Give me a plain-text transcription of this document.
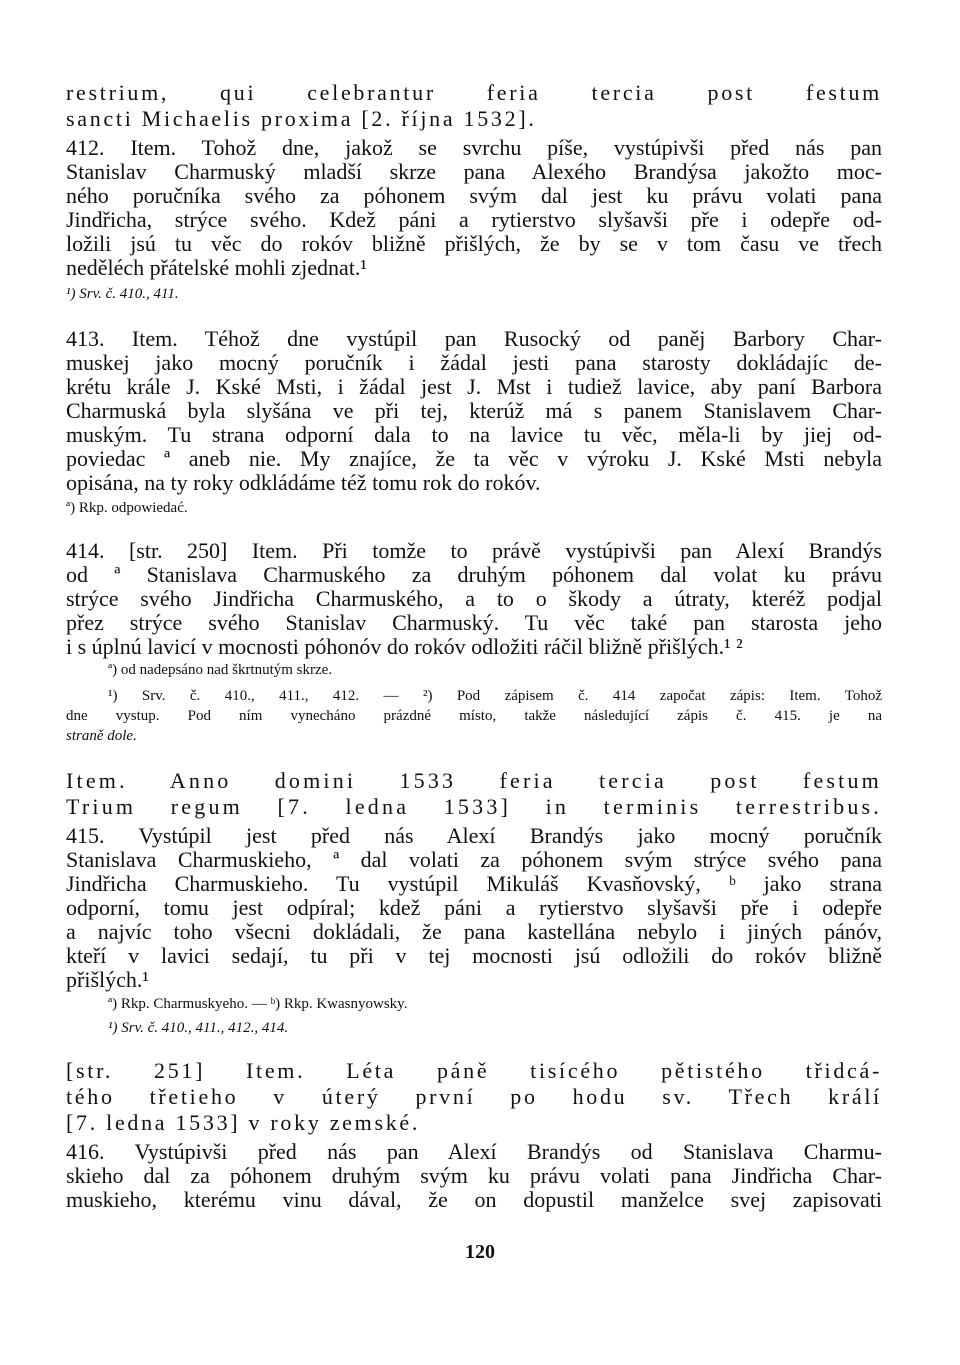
restrium, qui celebrantur feria tercia post festum
sancti Michaelis proxima [2. října 1532].
412. Item. Tohož dne, jakož se svrchu píše, vystúpivši před nás pan
Stanislav Charmuský mladší skrze pana Alexého Brandýsa jakožto moc-
ného poručníka svého za póhonem svým dal jest ku právu volati pana
Jindřicha, strýce svého. Kdež páni a rytierstvo slyšavši pře i odepře od-
ložili jsú tu věc do rokóv bližně přišlých, že by se v tom času ve třech
neděléch přátelské mohli zjednat.¹
¹) Srv. č. 410., 411.
413. Item. Téhož dne vystúpil pan Rusocký od paněj Barbory Char-
muskej jako mocný poručník i žádal jesti pana starosty dokládajíc de-
krétu krále J. Kské Msti, i žádal jest J. Mst i tudiež lavice, aby paní Barbora
Charmuská byla slyšána ve při tej, kterúž má s panem Stanislavem Char-
muským. Tu strana odporní dala to na lavice tu věc, měla-li by jiej od-
poviedac ª aneb nie. My znajíce, že ta věc v výroku J. Kské Msti nebyla
opisána, na ty roky odkládáme též tomu rok do rokóv.
ª) Rkp. odpowiedać.
414. [str. 250] Item. Při tomže to právě vystúpivši pan Alexí Brandýs
od ª Stanislava Charmuského za druhým póhonem dal volat ku právu
strýce svého Jindřicha Charmuského, a to o škody a útraty, kteréž podjal
přez strýce svého Stanislav Charmuský. Tu věc také pan starosta jeho
i s úplnú lavicí v mocnosti póhonóv do rokóv odložiti ráčil bližně přišlých.¹ ²
ª) od nadepsáno nad škrtnutým skrze.
¹) Srv. č. 410., 411., 412. — ²) Pod zápisem č. 414 započat zápis: Item. Tohož
dne vystup. Pod ním vynecháno prázdné místo, takže následující zápis č. 415. je na
straně dole.
Item. Anno domini 1533 feria tercia post festum
Trium regum [7. ledna 1533] in terminis terrestribus.
415. Vystúpil jest před nás Alexí Brandýs jako mocný poručník
Stanislava Charmuskieho, ª dal volati za póhonem svým strýce svého pana
Jindřicha Charmuskieho. Tu vystúpil Mikuláš Kvasňovský, ᵇ jako strana
odporní, tomu jest odpíral; kdež páni a rytierstvo slyšavši pře i odepře
a najvíc toho všecni dokládali, že pana kastellána nebylo i jiných pánóv,
kteří v lavici sedají, tu při v tej mocnosti jsú odložili do rokóv bližně
přišlých.¹
ª) Rkp. Charmuskyeho. — ᵇ) Rkp. Kwasnyowsky.
¹) Srv. č. 410., 411., 412., 414.
[str. 251] Item. Léta páně tisícého pětistého třidcá-
tého třetieho v úterý první po hodu sv. Třech králí
[7. ledna 1533] v roky zemské.
416. Vystúpivši před nás pan Alexí Brandýs od Stanislava Charmu-
skieho dal za póhonem druhým svým ku právu volati pana Jindřicha Char-
muskieho, kterému vinu dával, že on dopustil manželce svej zapisovati
120
